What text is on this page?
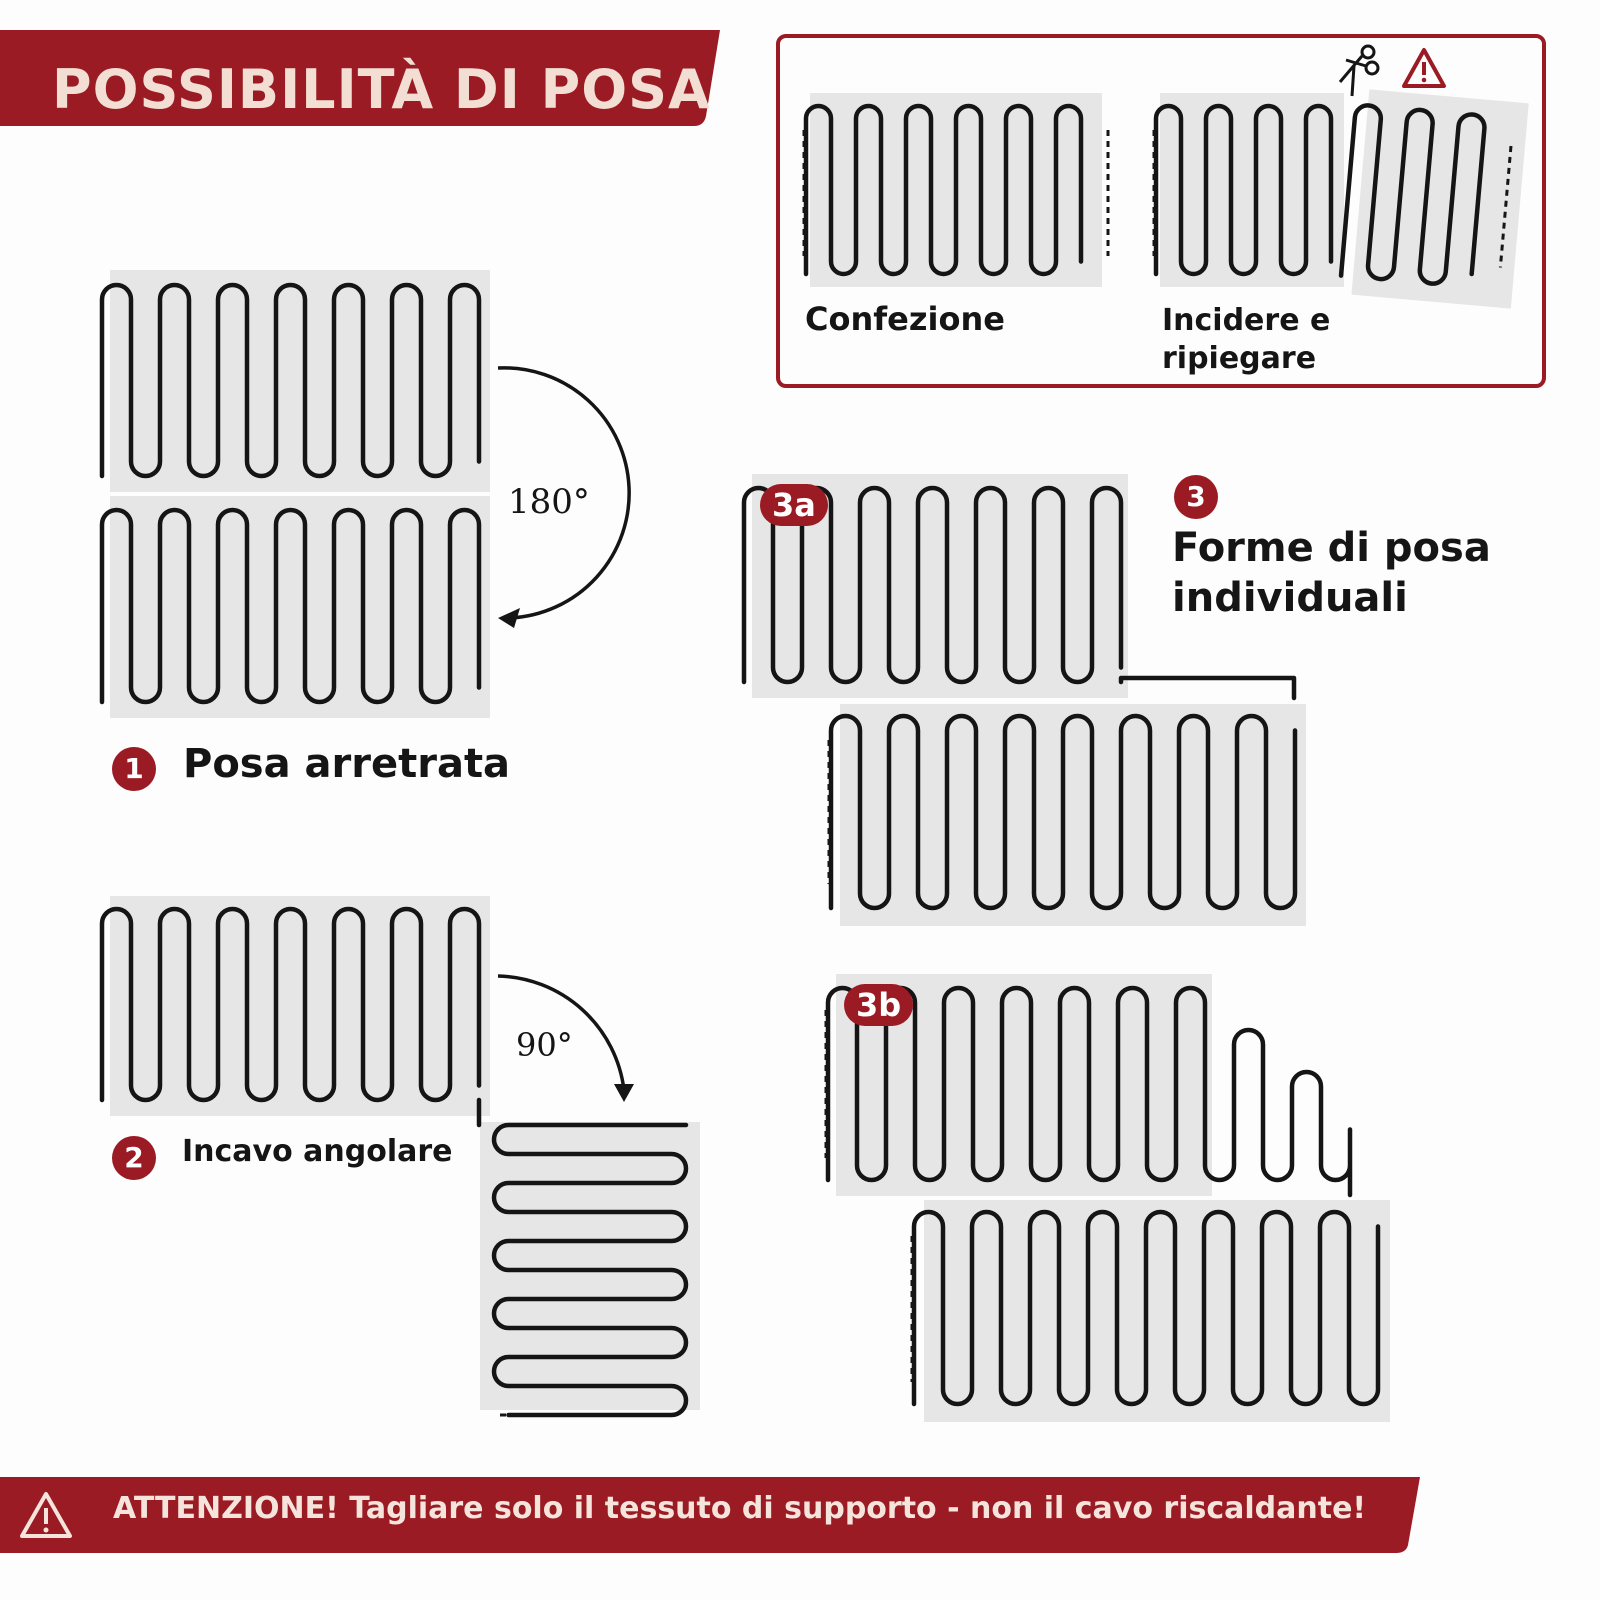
POSSIBILITÀ DI POSA
Confezione	Incidere e
ripiegare
180°
1 Posa arretrata
90°
2	Incavo angolare
3
Forme di posa
individuali
3a
3b
ATTENZIONE! Tagliare solo il tessuto di supporto - non il cavo riscaldante!
